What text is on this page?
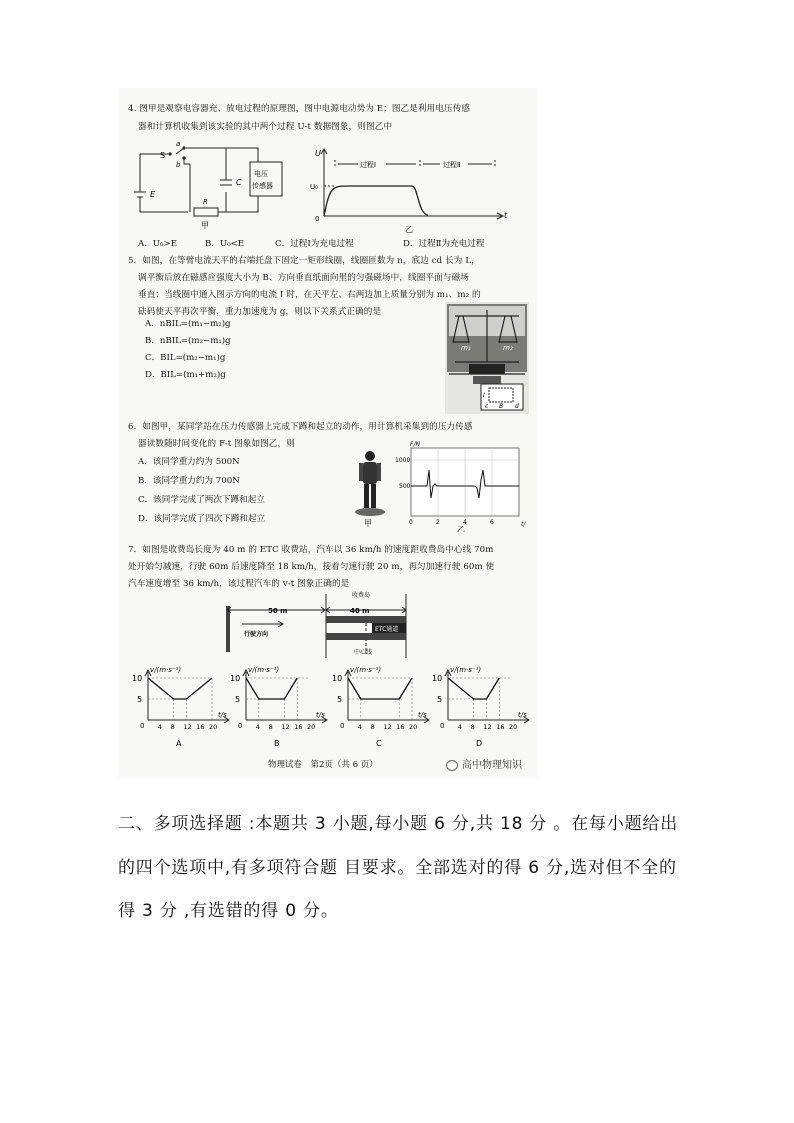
4. 图甲是观察电容器充、放电过程的原理图，图中电源电动势为 E；图乙是利用电压传感
器和计算机收集到该实验的其中两个过程 U-t 数据图象，则图乙中
S
a
b
C
E
R
电压
传感器
甲
U
t
U₀
0
过程Ⅰ	过程Ⅱ
乙
A．U₀>E	B．U₀<E	C．过程Ⅰ为充电过程	D．过程Ⅱ为充电过程
5．如图，在等臂电流天平的右端托盘下固定一矩形线圈，线圈匝数为 n，底边 cd 长为 L，
调平衡后放在磁感应强度大小为 B、方向垂直纸面向里的匀强磁场中，线圈平面与磁场
垂直；当线圈中通入图示方向的电流 I 时，在天平左、右两边加上质量分别为 m₁、m₂ 的
砝码使天平再次平衡，重力加速度为 g，则以下关系式正确的是
A．nBIL=(m₁−m₂)g
B．nBIL=(m₂−m₁)g
C．BIL=(m₂−m₁)g
D．BIL=(m₁+m₂)g
m₁	m₂
I
c	d
B
6．如图甲，某同学站在压力传感器上完成下蹲和起立的动作，用计算机采集到的压力传感
器读数随时间变化的 F-t 图象如图乙，则
A．该同学重力约为 500N
B．该同学重力约为 700N
C．该同学完成了两次下蹲和起立
D．该同学完成了四次下蹲和起立	甲
F/N
t/
1000
500
0	2	4	6
乙
7．如图是收费岛长度为 40 m 的 ETC 收费站，汽车以 36 km/h 的速度距收费岛中心线 70m
处开始匀减速，行驶 60m 后速度降至 18 km/h，接着匀速行驶 20 m，再匀加速行驶 60m 使
汽车速度增至 36 km/h，该过程汽车的 v-t 图象正确的是
50 m	40 m
收费岛
ETC通道
中心线
行驶方向
v/(m·s⁻¹)
t/s
10
5
0 4 8 12 16 20
A
v/(m·s⁻¹)
t/s
10
5
0 4 8 12 16 20
B
v/(m·s⁻¹)
t/s
10
5
0 4 8 12 16 20
C
v/(m·s⁻¹)
t/s
10
5
0 4 8 12 16 20
D
物理试卷　第2页（共 6 页）	高中物理知识
二、多项选择题 :本题共 3 小题,每小题 6 分,共 18 分 。在每小题给出
的四个选项中,有多项符合题 目要求。全部选对的得 6 分,选对但不全的
得 3 分 ,有选错的得 0 分。
